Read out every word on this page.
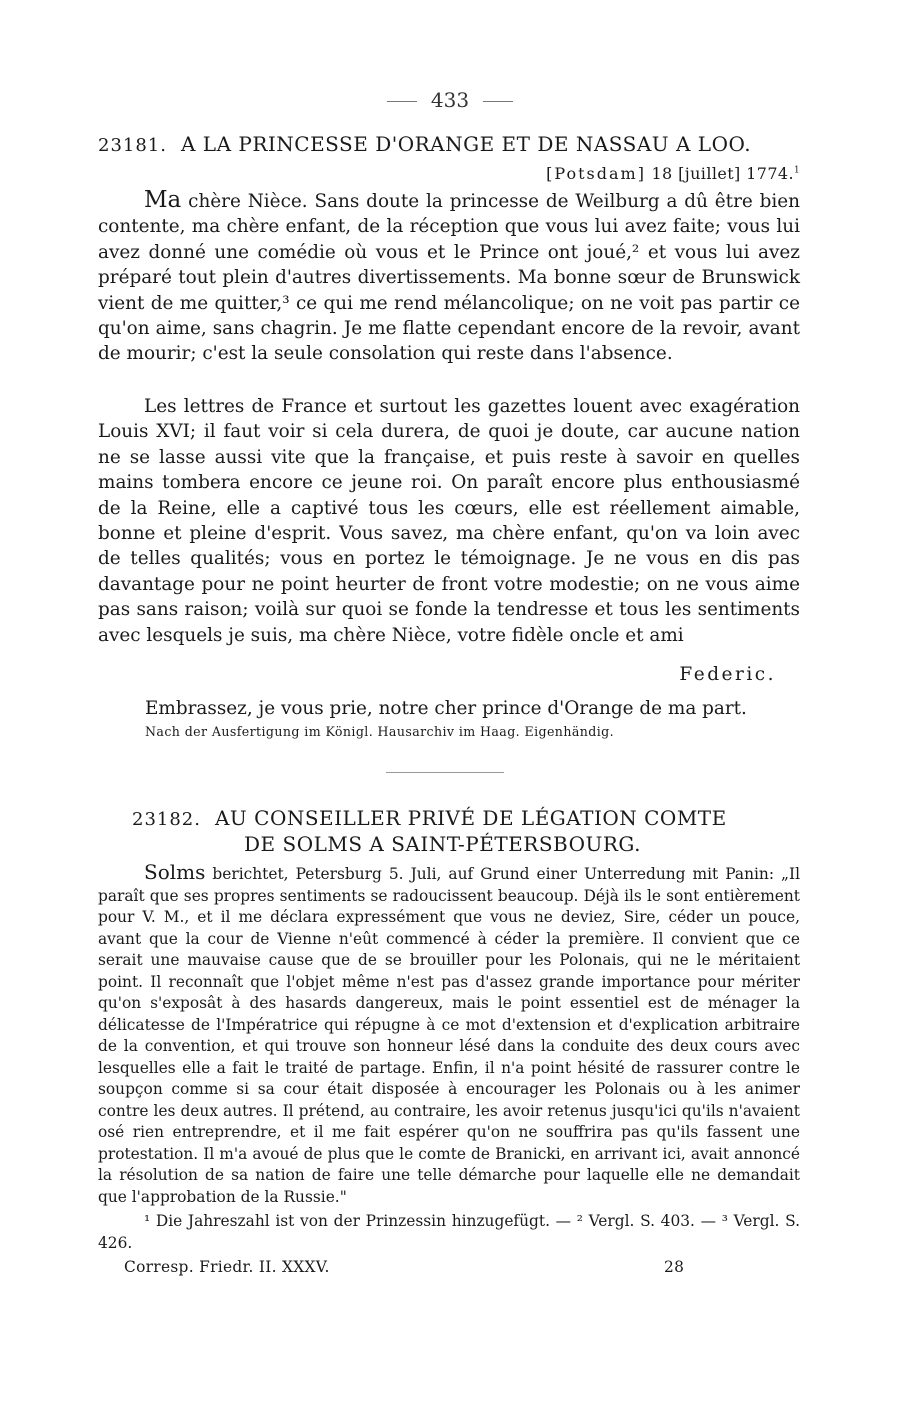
433
23181. A LA PRINCESSE D'ORANGE ET DE NASSAU A LOO.
[Potsdam] 18 [juillet] 1774.$^1$

Ma chère Nièce. Sans doute la princesse de Weilburg a dû être bien contente, ma chère enfant, de la réception que vous lui avez faite; vous lui avez donné une comédie où vous et le Prince ont joué,² et vous lui avez préparé tout plein d'autres divertissements. Ma bonne sœur de Brunswick vient de me quitter,³ ce qui me rend mélancolique; on ne voit pas partir ce qu'on aime, sans chagrin. Je me flatte cependant encore de la revoir, avant de mourir; c'est la seule consolation qui reste dans l'absence.

Les lettres de France et surtout les gazettes louent avec exagération Louis XVI; il faut voir si cela durera, de quoi je doute, car aucune nation ne se lasse aussi vite que la française, et puis reste à savoir en quelles mains tombera encore ce jeune roi. On paraît encore plus enthousiasmé de la Reine, elle a captivé tous les cœurs, elle est réellement aimable, bonne et pleine d'esprit. Vous savez, ma chère enfant, qu'on va loin avec de telles qualités; vous en portez le témoignage. Je ne vous en dis pas davantage pour ne point heurter de front votre modestie; on ne vous aime pas sans raison; voilà sur quoi se fonde la tendresse et tous les sentiments avec lesquels je suis, ma chère Nièce, votre fidèle oncle et ami

Federic.
Embrassez, je vous prie, notre cher prince d'Orange de ma part.
Nach der Ausfertigung im Königl. Hausarchiv im Haag. Eigenhändig.
23182. AU CONSEILLER PRIVÉ DE LÉGATION COMTE
DE SOLMS A SAINT-PÉTERSBOURG.

Solms berichtet, Petersburg 5. Juli, auf Grund einer Unterredung mit Panin: „Il paraît que ses propres sentiments se radoucissent beaucoup. Déjà ils le sont entièrement pour V. M., et il me déclara expressément que vous ne deviez, Sire, céder un pouce, avant que la cour de Vienne n'eût commencé à céder la première. Il convient que ce serait une mauvaise cause que de se brouiller pour les Polonais, qui ne le méritaient point. Il reconnaît que l'objet même n'est pas d'assez grande importance pour mériter qu'on s'exposât à des hasards dangereux, mais le point essentiel est de ménager la délicatesse de l'Impératrice qui répugne à ce mot d'extension et d'explication arbitraire de la convention, et qui trouve son honneur lésé dans la conduite des deux cours avec lesquelles elle a fait le traité de partage. Enfin, il n'a point hésité de rassurer contre le soupçon comme si sa cour était disposée à encourager les Polonais ou à les animer contre les deux autres. Il prétend, au contraire, les avoir retenus jusqu'ici qu'ils n'avaient osé rien entreprendre, et il me fait espérer qu'on ne souffrira pas qu'ils fassent une protestation. Il m'a avoué de plus que le comte de Branicki, en arrivant ici, avait annoncé la résolution de sa nation de faire une telle démarche pour laquelle elle ne demandait que l'approbation de la Russie."

¹ Die Jahreszahl ist von der Prinzessin hinzugefügt. — ² Vergl. S. 403. — ³ Vergl. S. 426.
Corresp. Friedr. II. XXXV.	28
